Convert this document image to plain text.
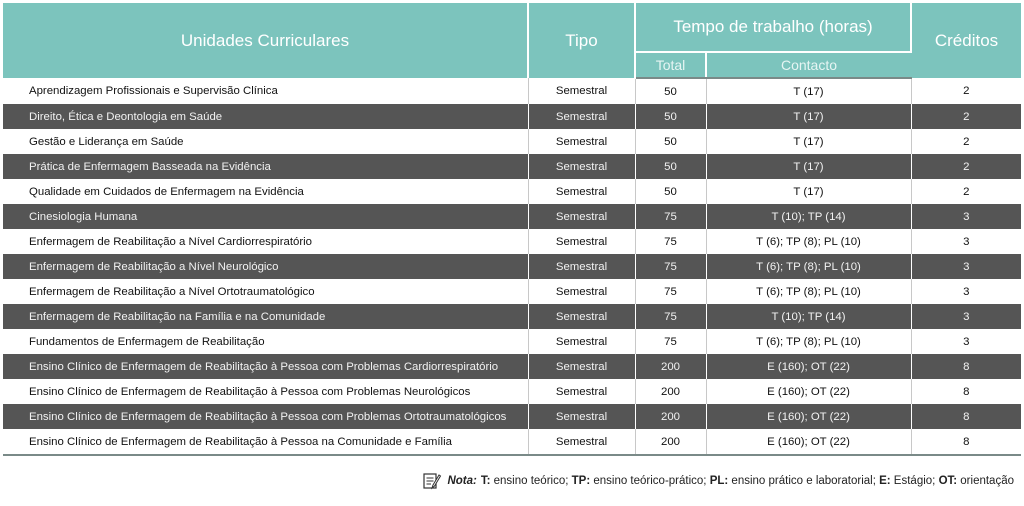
Unidades Curriculares	Tipo	Tempo de trabalho (horas)		Créditos
		Total	Contacto	
Aprendizagem Profissionais e Supervisão Clínica	Semestral	50	T (17)	2
Direito, Ética e Deontologia em Saúde	Semestral	50	T (17)	2
Gestão e Liderança em Saúde	Semestral	50	T (17)	2
Prática de Enfermagem Basseada na Evidência	Semestral	50	T (17)	2
Qualidade em Cuidados de Enfermagem na Evidência	Semestral	50	T (17)	2
Cinesiologia Humana	Semestral	75	T (10); TP (14)	3
Enfermagem de Reabilitação a Nível Cardiorrespiratório	Semestral	75	T (6); TP (8); PL (10)	3
Enfermagem de Reabilitação a Nível Neurológico	Semestral	75	T (6); TP (8); PL (10)	3
Enfermagem de Reabilitação a Nível Ortotraumatológico	Semestral	75	T (6); TP (8); PL (10)	3
Enfermagem de Reabilitação na Família e na Comunidade	Semestral	75	T (10); TP (14)	3
Fundamentos de Enfermagem de Reabilitação	Semestral	75	T (6); TP (8); PL (10)	3
Ensino Clínico de Enfermagem de Reabilitação à Pessoa com Problemas Cardiorrespiratório	Semestral	200	E (160); OT (22)	8
Ensino Clínico de Enfermagem de Reabilitação à Pessoa com Problemas Neurológicos	Semestral	200	E (160); OT (22)	8
Ensino Clínico de Enfermagem de Reabilitação à Pessoa com Problemas Ortotraumatológicos	Semestral	200	E (160); OT (22)	8
Ensino Clínico de Enfermagem de Reabilitação à Pessoa na Comunidade e Família	Semestral	200	E (160); OT (22)	8
Nota: T: ensino teórico; TP: ensino teórico-prático; PL: ensino prático e laboratorial; E: Estágio; OT: orientação
